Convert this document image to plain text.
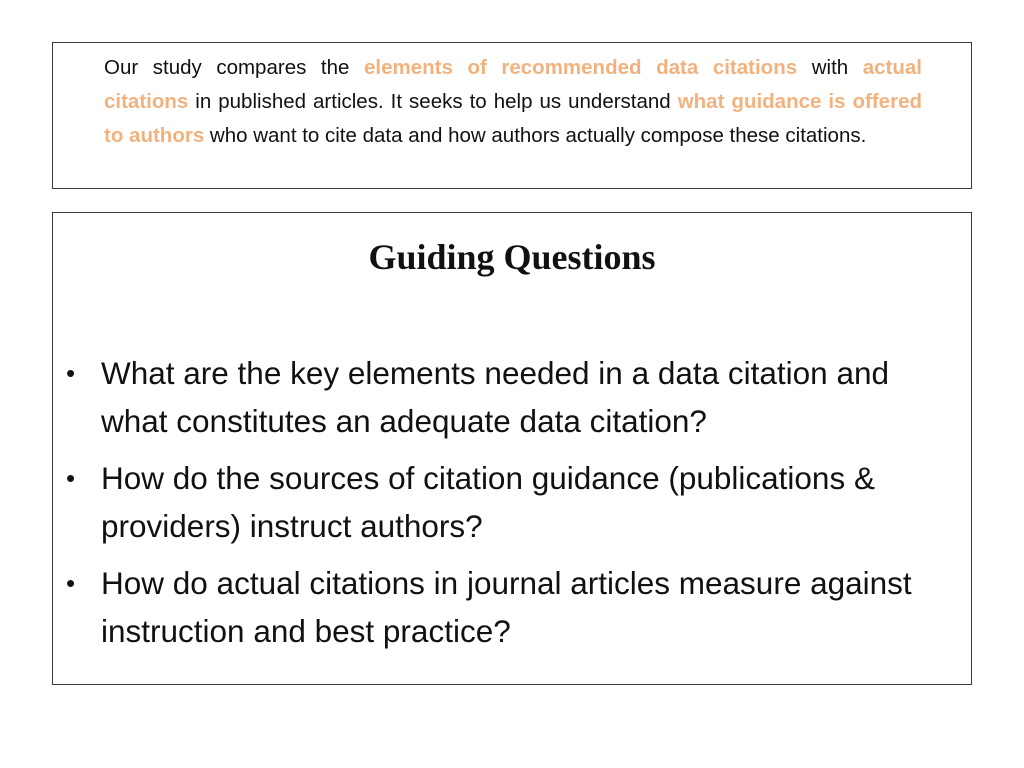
Our study compares the elements of recommended data citations with actual citations in published articles. It seeks to help us understand what guidance is offered to authors who want to cite data and how authors actually compose these citations.
Guiding Questions
• What are the key elements needed in a data citation and what constitutes an adequate data citation?
• How do the sources of citation guidance (publications & providers) instruct authors?
• How do actual citations in journal articles measure against instruction and best practice?
